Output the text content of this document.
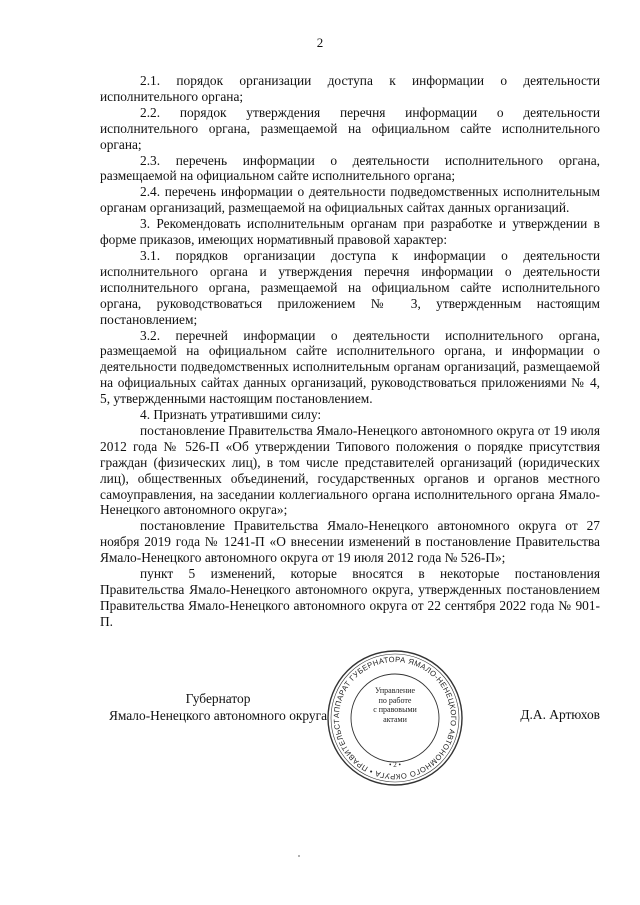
2

2.1. порядок организации доступа к информации о деятельности исполнительного органа;

2.2. порядок утверждения перечня информации о деятельности исполнительного органа, размещаемой на официальном сайте исполнительного органа;

2.3. перечень информации о деятельности исполнительного органа, размещаемой на официальном сайте исполнительного органа;

2.4. перечень информации о деятельности подведомственных исполнительным органам организаций, размещаемой на официальных сайтах данных организаций.

3. Рекомендовать исполнительным органам при разработке и утверждении в форме приказов, имеющих нормативный правовой характер:

3.1. порядков организации доступа к информации о деятельности исполнительного органа и утверждения перечня информации о деятельности исполнительного органа, размещаемой на официальном сайте исполнительного органа, руководствоваться приложением № 3, утвержденным настоящим постановлением;

3.2. перечней информации о деятельности исполнительного органа, размещаемой на официальном сайте исполнительного органа, и информации о деятельности подведомственных исполнительным органам организаций, размещаемой на официальных сайтах данных организаций, руководствоваться приложениями № 4, 5, утвержденными настоящим постановлением.

4. Признать утратившими силу:

постановление Правительства Ямало-Ненецкого автономного округа от 19 июля 2012 года № 526-П «Об утверждении Типового положения о порядке присутствия граждан (физических лиц), в том числе представителей организаций (юридических лиц), общественных объединений, государственных органов и органов местного самоуправления, на заседании коллегиального органа исполнительного органа Ямало-Ненецкого автономного округа»;

постановление Правительства Ямало-Ненецкого автономного округа от 27 ноября 2019 года № 1241-П «О внесении изменений в постановление Правительства Ямало-Ненецкого автономного округа от 19 июля 2012 года № 526-П»;

пункт 5 изменений, которые вносятся в некоторые постановления Правительства Ямало-Ненецкого автономного округа, утвержденных постановлением Правительства Ямало-Ненецкого автономного округа от 22 сентября 2022 года № 901-П.

Губернатор
Ямало-Ненецкого автономного округа АППАРАТ ГУБЕРНАТОРА ЯМАЛО-НЕНЕЦКОГО АВТОНОМНОГО ОКРУГА • ПРАВИТЕЛЬСТ
Управление
по работе
с правовыми
актами
• 2 •
Д.А. Артюхов
